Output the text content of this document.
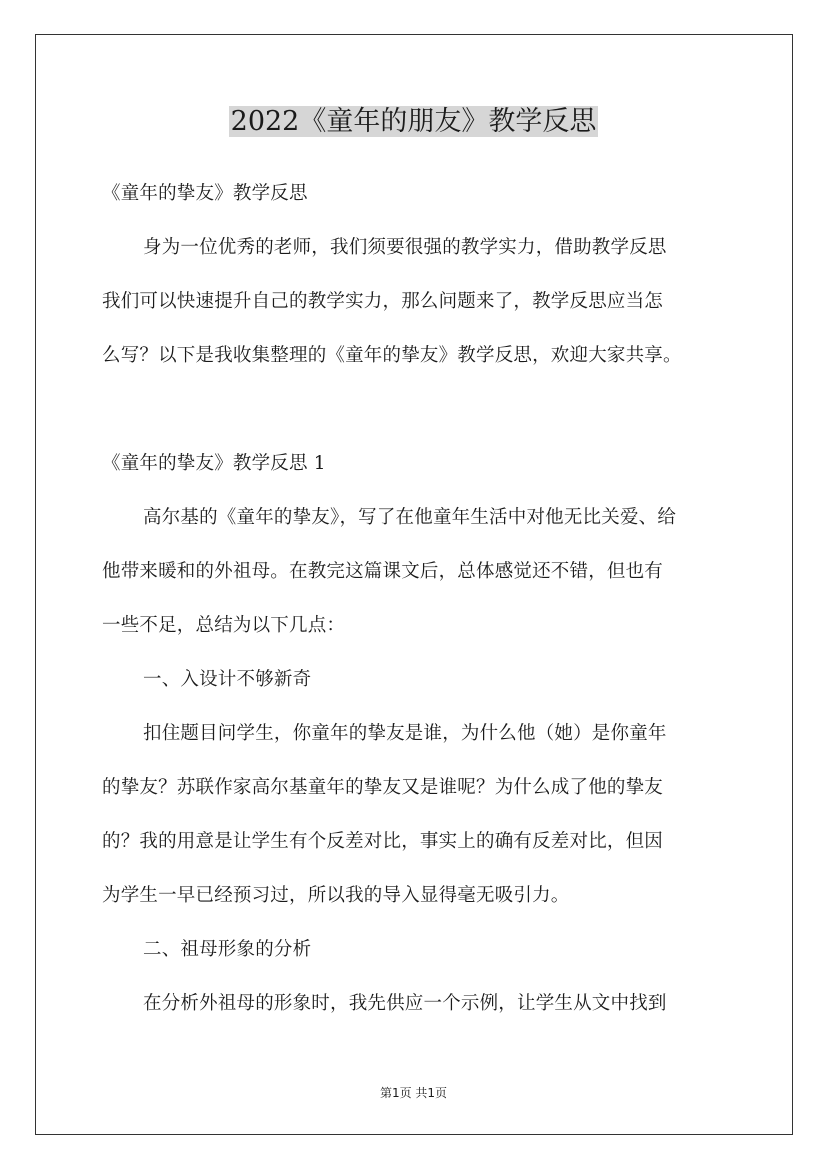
2022《童年的朋友》教学反思
《童年的挚友》教学反思
身为一位优秀的老师，我们须要很强的教学实力，借助教学反思
我们可以快速提升自己的教学实力，那么问题来了，教学反思应当怎
么写？以下是我收集整理的《童年的挚友》教学反思，欢迎大家共享。
《童年的挚友》教学反思 1
高尔基的《童年的挚友》，写了在他童年生活中对他无比关爱、给
他带来暖和的外祖母。在教完这篇课文后，总体感觉还不错，但也有
一些不足，总结为以下几点：
一、入设计不够新奇
扣住题目问学生，你童年的挚友是谁，为什么他（她）是你童年
的挚友？苏联作家高尔基童年的挚友又是谁呢？为什么成了他的挚友
的？我的用意是让学生有个反差对比，事实上的确有反差对比，但因
为学生一早已经预习过，所以我的导入显得毫无吸引力。
二、祖母形象的分析
在分析外祖母的形象时，我先供应一个示例，让学生从文中找到
第1页 共1页
